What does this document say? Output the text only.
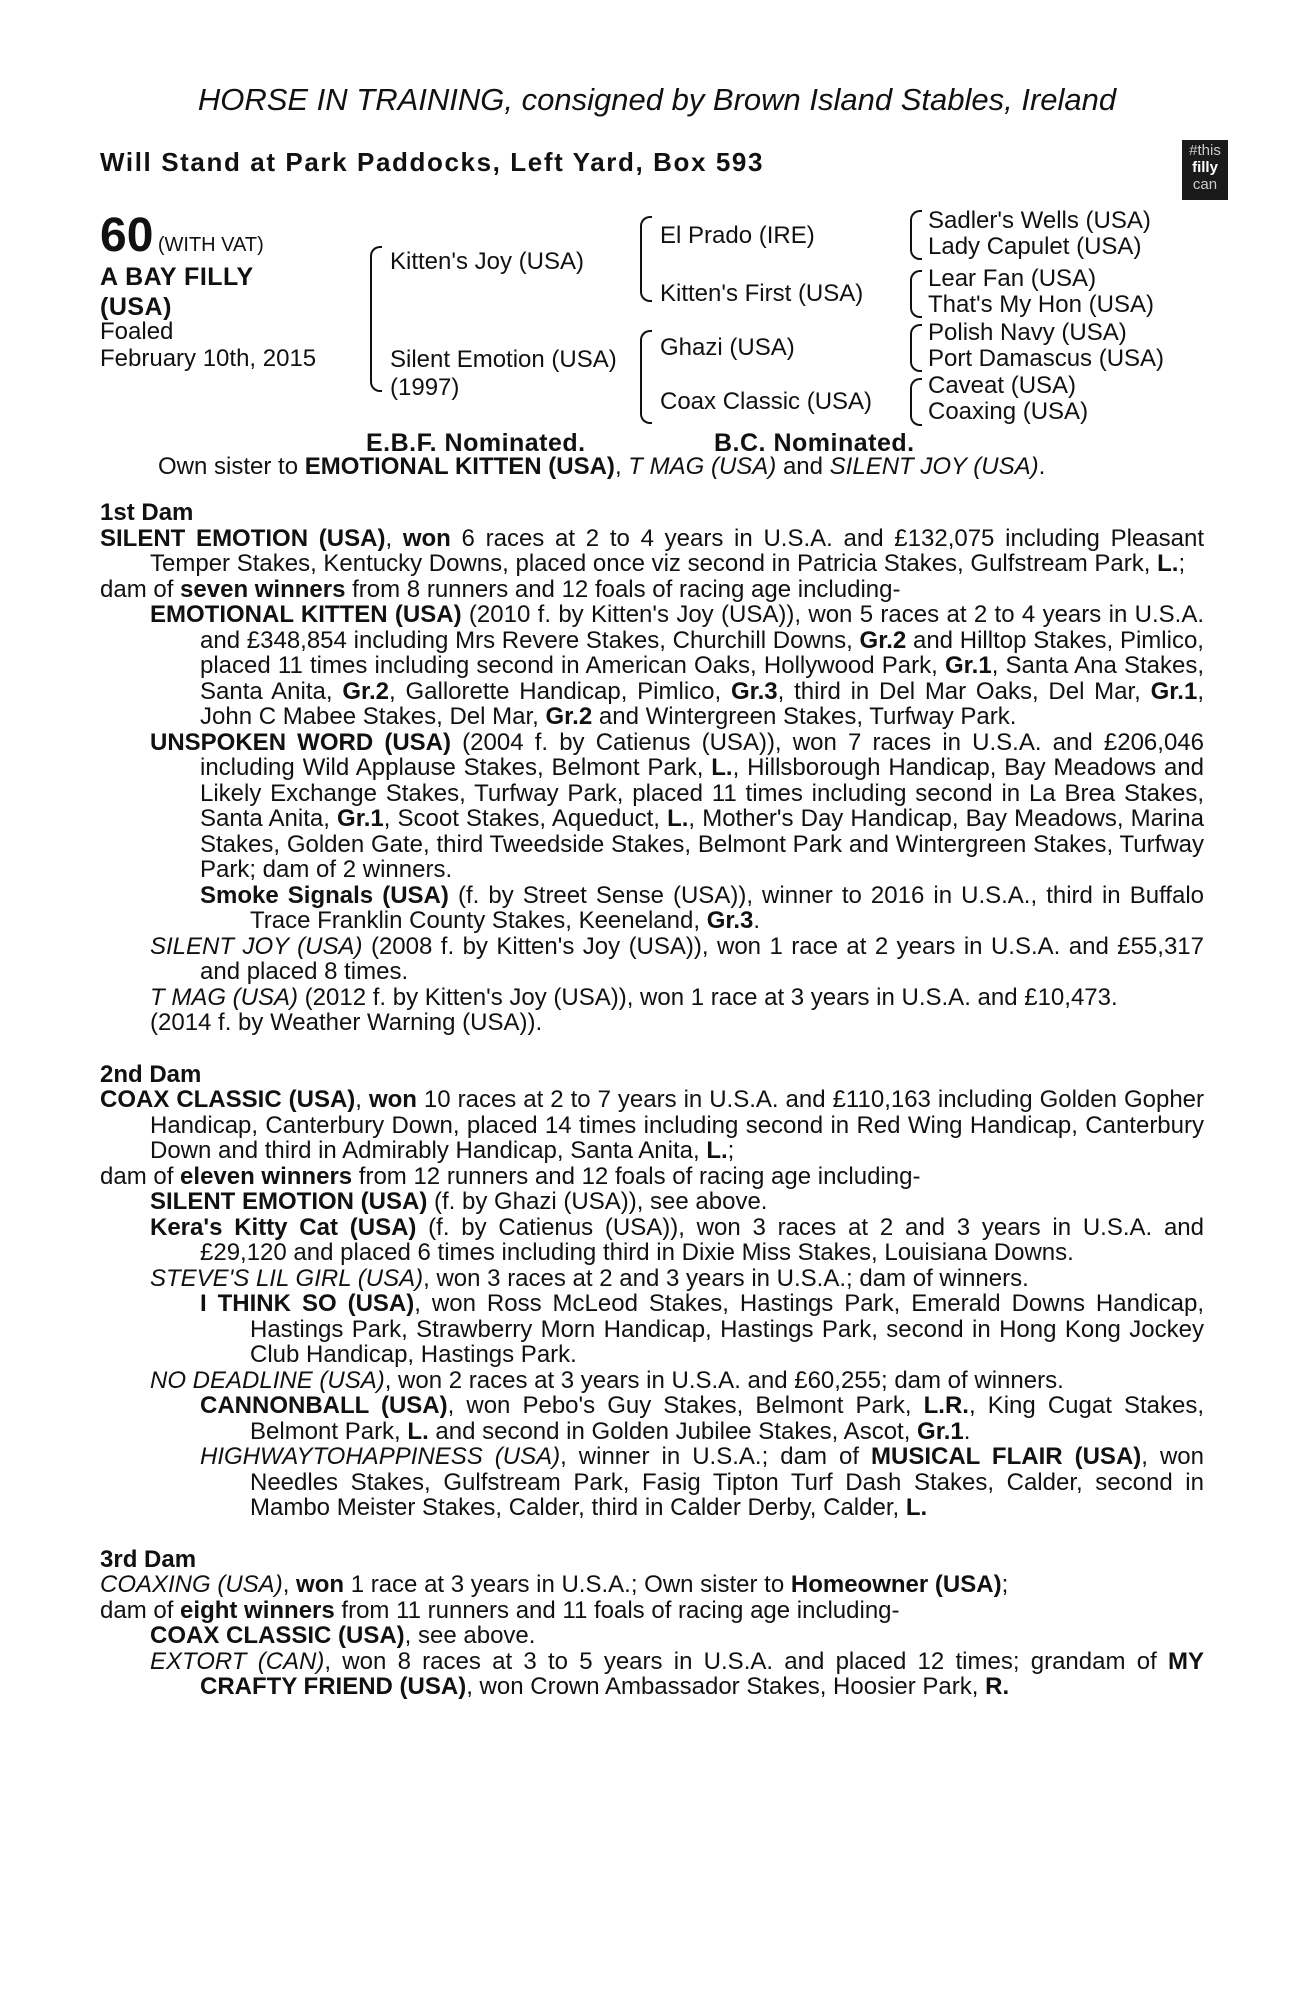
HORSE IN TRAINING, consigned by Brown Island Stables, Ireland
Will Stand at Park Paddocks, Left Yard, Box 593	#this
filly
can
60 (WITH VAT)
A BAY FILLY
(USA)
Foaled
February 10th, 2015
Kitten's Joy (USA)
Silent Emotion (USA)
(1997)
El Prado (IRE)
Kitten's First (USA)
Ghazi (USA)
Coax Classic (USA)
Sadler's Wells (USA)
Lady Capulet (USA)
Lear Fan (USA)
That's My Hon (USA)
Polish Navy (USA)
Port Damascus (USA)
Caveat (USA)
Coaxing (USA)
E.B.F. Nominated.	B.C. Nominated.
Own sister to EMOTIONAL KITTEN (USA), T MAG (USA) and SILENT JOY (USA).
1st Dam
SILENT EMOTION (USA), won 6 races at 2 to 4 years in U.S.A. and £132,075 including Pleasant Temper Stakes, Kentucky Downs, placed once viz second in Patricia Stakes, Gulfstream Park, L.;
dam of seven winners from 8 runners and 12 foals of racing age including-
EMOTIONAL KITTEN (USA) (2010 f. by Kitten's Joy (USA)), won 5 races at 2 to 4 years in U.S.A. and £348,854 including Mrs Revere Stakes, Churchill Downs, Gr.2 and Hilltop Stakes, Pimlico, placed 11 times including second in American Oaks, Hollywood Park, Gr.1, Santa Ana Stakes, Santa Anita, Gr.2, Gallorette Handicap, Pimlico, Gr.3, third in Del Mar Oaks, Del Mar, Gr.1, John C Mabee Stakes, Del Mar, Gr.2 and Wintergreen Stakes, Turfway Park.
UNSPOKEN WORD (USA) (2004 f. by Catienus (USA)), won 7 races in U.S.A. and £206,046 including Wild Applause Stakes, Belmont Park, L., Hillsborough Handicap, Bay Meadows and Likely Exchange Stakes, Turfway Park, placed 11 times including second in La Brea Stakes, Santa Anita, Gr.1, Scoot Stakes, Aqueduct, L., Mother's Day Handicap, Bay Meadows, Marina Stakes, Golden Gate, third Tweedside Stakes, Belmont Park and Wintergreen Stakes, Turfway Park; dam of 2 winners.
Smoke Signals (USA) (f. by Street Sense (USA)), winner to 2016 in U.S.A., third in Buffalo Trace Franklin County Stakes, Keeneland, Gr.3.
SILENT JOY (USA) (2008 f. by Kitten's Joy (USA)), won 1 race at 2 years in U.S.A. and £55,317 and placed 8 times.
T MAG (USA) (2012 f. by Kitten's Joy (USA)), won 1 race at 3 years in U.S.A. and £10,473.
(2014 f. by Weather Warning (USA)).
2nd Dam
COAX CLASSIC (USA), won 10 races at 2 to 7 years in U.S.A. and £110,163 including Golden Gopher Handicap, Canterbury Down, placed 14 times including second in Red Wing Handicap, Canterbury Down and third in Admirably Handicap, Santa Anita, L.;
dam of eleven winners from 12 runners and 12 foals of racing age including-
SILENT EMOTION (USA) (f. by Ghazi (USA)), see above.
Kera's Kitty Cat (USA) (f. by Catienus (USA)), won 3 races at 2 and 3 years in U.S.A. and £29,120 and placed 6 times including third in Dixie Miss Stakes, Louisiana Downs.
STEVE'S LIL GIRL (USA), won 3 races at 2 and 3 years in U.S.A.; dam of winners.
I THINK SO (USA), won Ross McLeod Stakes, Hastings Park, Emerald Downs Handicap, Hastings Park, Strawberry Morn Handicap, Hastings Park, second in Hong Kong Jockey Club Handicap, Hastings Park.
NO DEADLINE (USA), won 2 races at 3 years in U.S.A. and £60,255; dam of winners.
CANNONBALL (USA), won Pebo's Guy Stakes, Belmont Park, L.R., King Cugat Stakes, Belmont Park, L. and second in Golden Jubilee Stakes, Ascot, Gr.1.
HIGHWAYTOHAPPINESS (USA), winner in U.S.A.; dam of MUSICAL FLAIR (USA), won Needles Stakes, Gulfstream Park, Fasig Tipton Turf Dash Stakes, Calder, second in Mambo Meister Stakes, Calder, third in Calder Derby, Calder, L.
3rd Dam
COAXING (USA), won 1 race at 3 years in U.S.A.; Own sister to Homeowner (USA);
dam of eight winners from 11 runners and 11 foals of racing age including-
COAX CLASSIC (USA), see above.
EXTORT (CAN), won 8 races at 3 to 5 years in U.S.A. and placed 12 times; grandam of MY CRAFTY FRIEND (USA), won Crown Ambassador Stakes, Hoosier Park, R.
